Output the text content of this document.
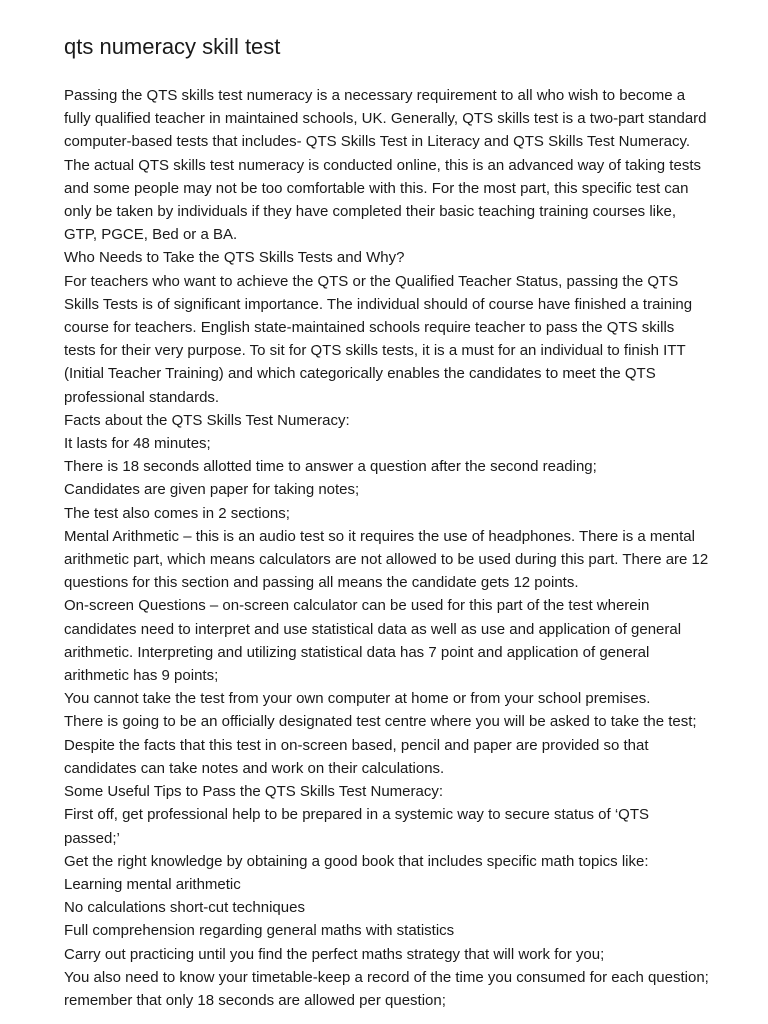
qts numeracy skill test

Passing the QTS skills test numeracy is a necessary requirement to all who wish to become a fully qualified teacher in maintained schools, UK. Generally, QTS skills test is a two-part standard computer-based tests that includes- QTS Skills Test in Literacy and QTS Skills Test Numeracy. The actual QTS skills test numeracy is conducted online, this is an advanced way of taking tests and some people may not be too comfortable with this. For the most part, this specific test can only be taken by individuals if they have completed their basic teaching training courses like, GTP, PGCE, Bed or a BA.

Who Needs to Take the QTS Skills Tests and Why?

For teachers who want to achieve the QTS or the Qualified Teacher Status, passing the QTS Skills Tests is of significant importance. The individual should of course have finished a training course for teachers. English state-maintained schools require teacher to pass the QTS skills tests for their very purpose. To sit for QTS skills tests, it is a must for an individual to finish ITT (Initial Teacher Training) and which categorically enables the candidates to meet the QTS professional standards.

Facts about the QTS Skills Test Numeracy:

It lasts for 48 minutes;

There is 18 seconds allotted time to answer a question after the second reading;

Candidates are given paper for taking notes;

The test also comes in 2 sections;

Mental Arithmetic – this is an audio test so it requires the use of headphones. There is a mental arithmetic part, which means calculators are not allowed to be used during this part. There are 12 questions for this section and passing all means the candidate gets 12 points.

On-screen Questions – on-screen calculator can be used for this part of the test wherein candidates need to interpret and use statistical data as well as use and application of general arithmetic. Interpreting and utilizing statistical data has 7 point and application of general arithmetic has 9 points;

You cannot take the test from your own computer at home or from your school premises.

There is going to be an officially designated test centre where you will be asked to take the test;

Despite the facts that this test in on-screen based, pencil and paper are provided so that candidates can take notes and work on their calculations.

Some Useful Tips to Pass the QTS Skills Test Numeracy:

First off, get professional help to be prepared in a systemic way to secure status of ‘QTS passed;’

Get the right knowledge by obtaining a good book that includes specific math topics like:

Learning mental arithmetic

No calculations short-cut techniques

Full comprehension regarding general maths with statistics

Carry out practicing until you find the perfect maths strategy that will work for you;

You also need to know your timetable-keep a record of the time you consumed for each question; remember that only 18 seconds are allowed per question;
